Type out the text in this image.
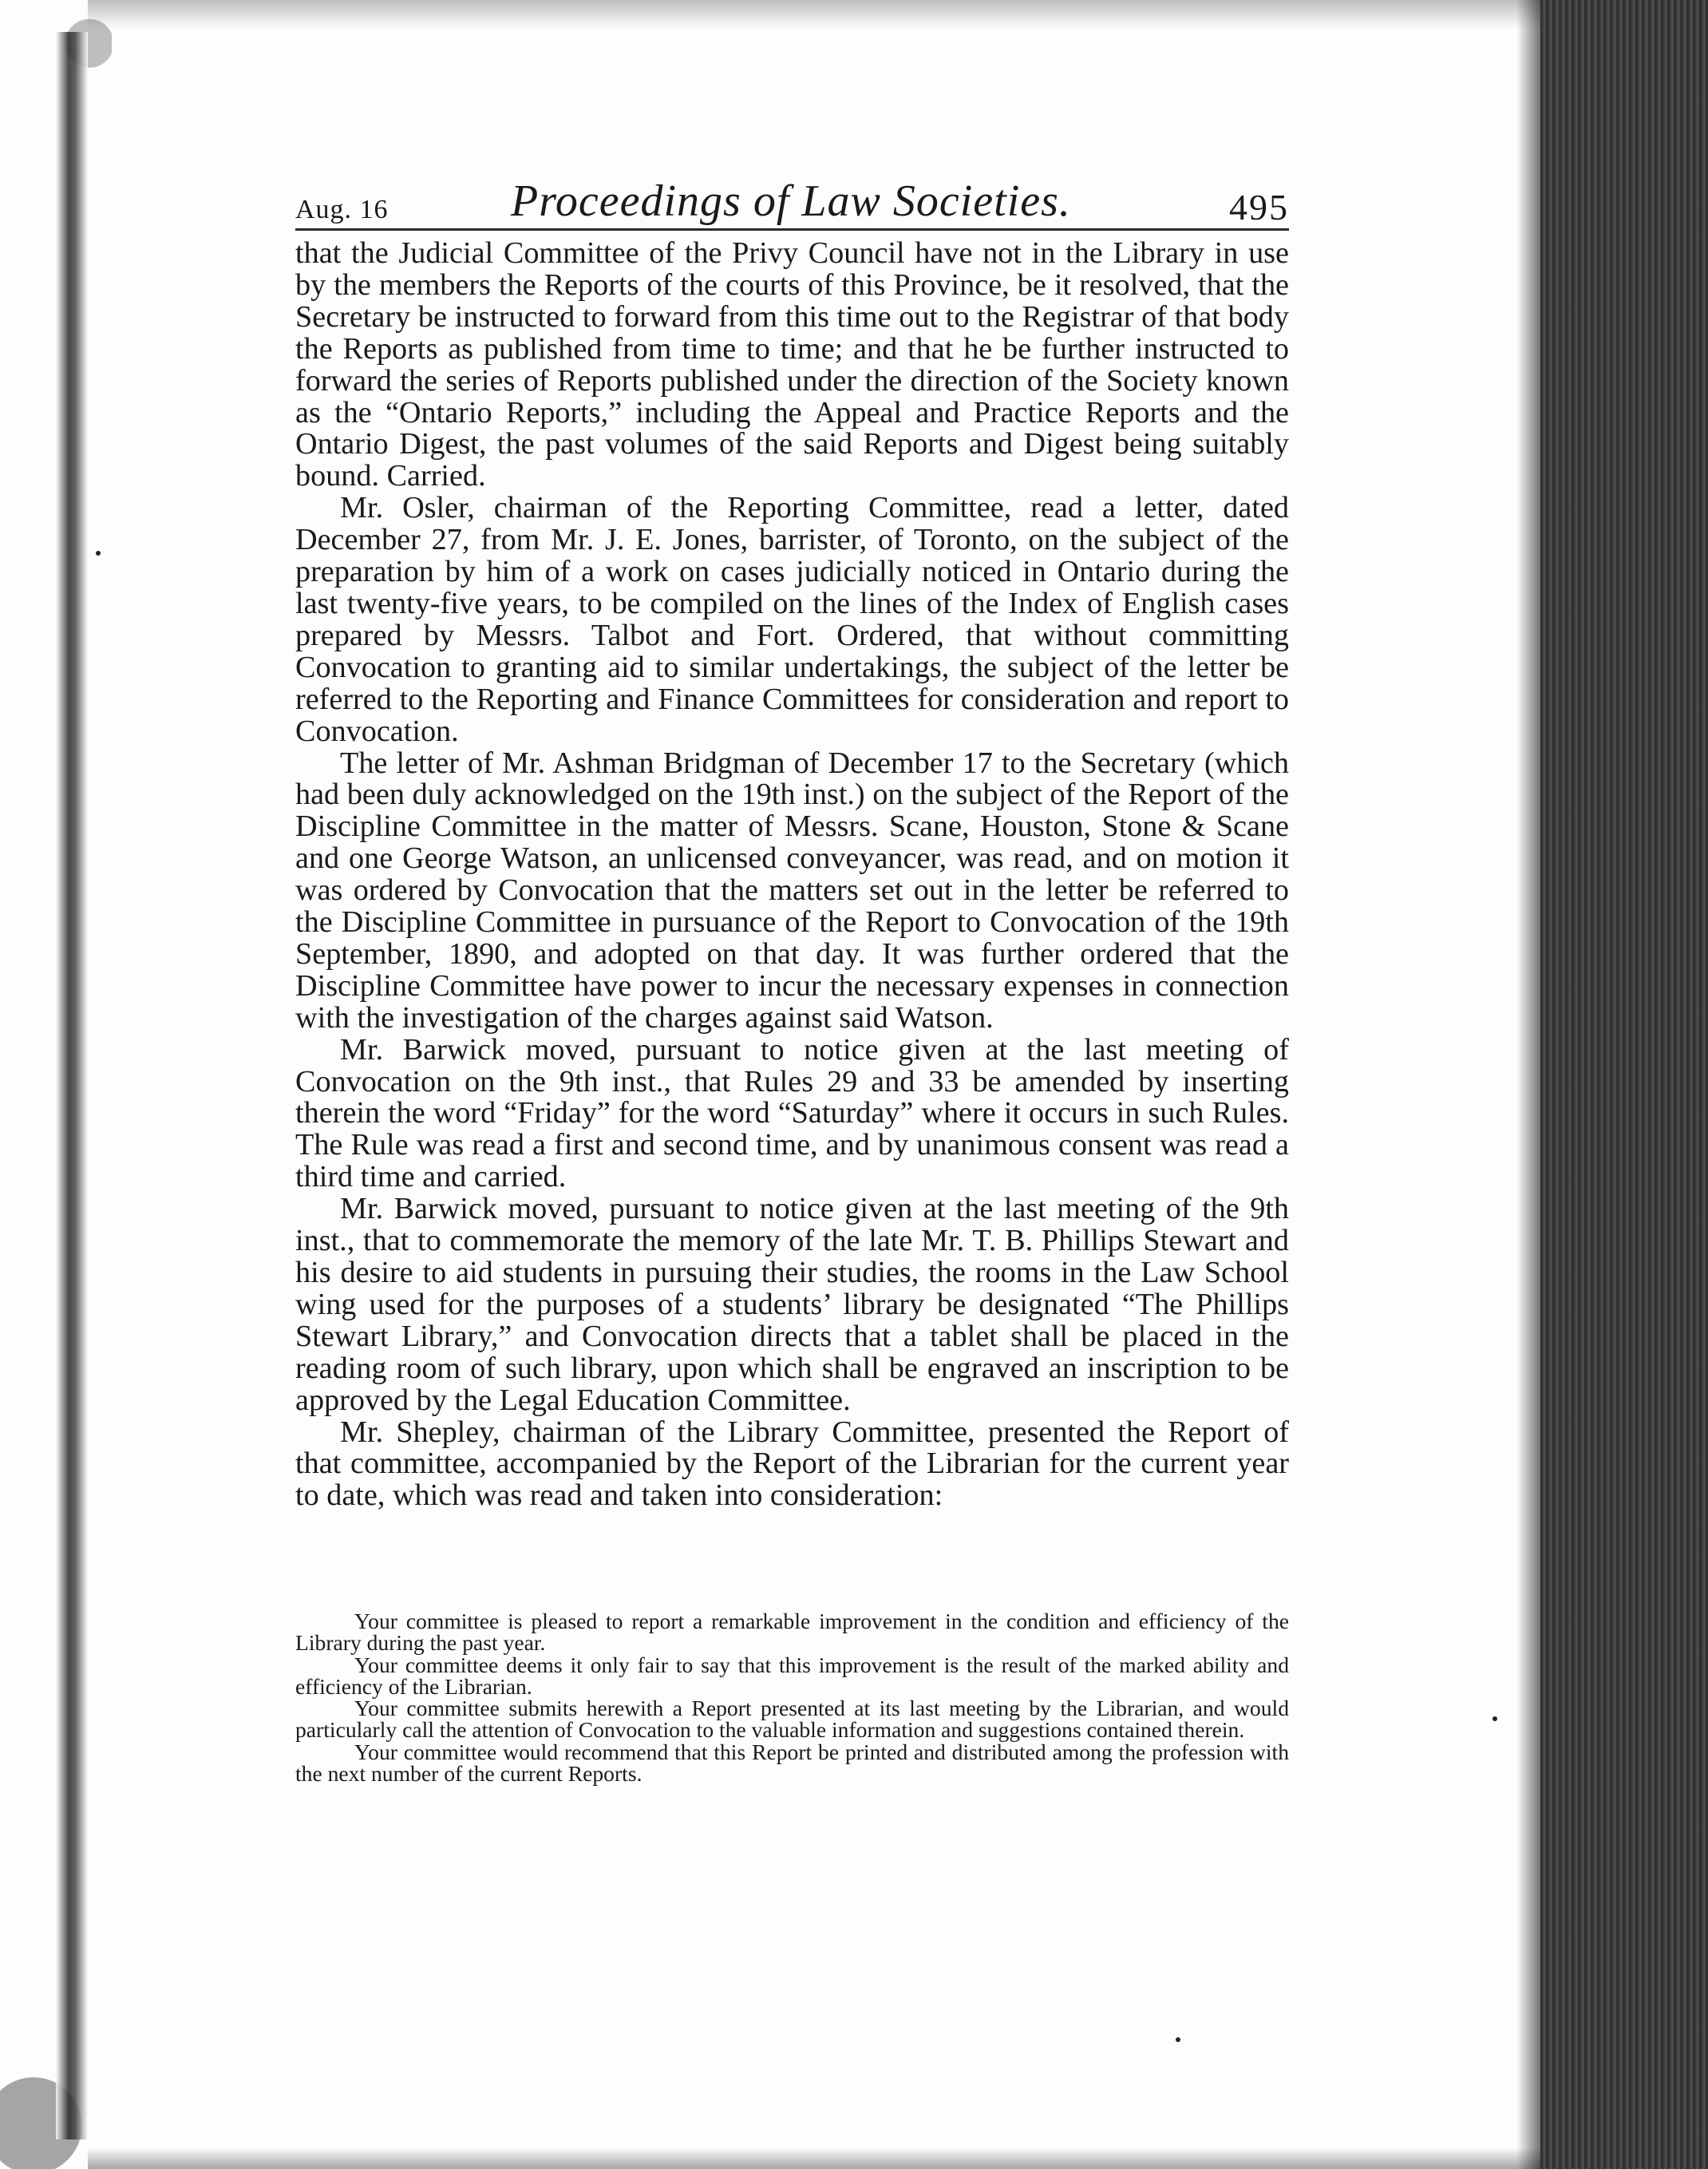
Aug. 16	Proceedings of Law Societies.	495

that the Judicial Committee of the Privy Council have not in the Library in use by the members the Reports of the courts of this Province, be it resolved, that the Secretary be instructed to forward from this time out to the Registrar of that body the Reports as published from time to time; and that he be further instructed to forward the series of Reports published under the direction of the Society known as the “Ontario Reports,” including the Appeal and Practice Reports and the Ontario Digest, the past volumes of the said Reports and Digest being suitably bound. Carried.

Mr. Osler, chairman of the Reporting Committee, read a letter, dated December 27, from Mr. J. E. Jones, barrister, of Toronto, on the subject of the preparation by him of a work on cases judicially noticed in Ontario during the last twenty-five years, to be compiled on the lines of the Index of English cases prepared by Messrs. Talbot and Fort. Ordered, that without committing Convocation to granting aid to similar undertakings, the subject of the letter be referred to the Reporting and Finance Committees for consideration and report to Convocation.

The letter of Mr. Ashman Bridgman of December 17 to the Secretary (which had been duly acknowledged on the 19th inst.) on the subject of the Report of the Discipline Committee in the matter of Messrs. Scane, Houston, Stone & Scane and one George Watson, an unlicensed conveyancer, was read, and on motion it was ordered by Convocation that the matters set out in the letter be referred to the Discipline Committee in pursuance of the Report to Convocation of the 19th September, 1890, and adopted on that day. It was further ordered that the Discipline Committee have power to incur the necessary expenses in connection with the investigation of the charges against said Watson.

Mr. Barwick moved, pursuant to notice given at the last meeting of Convocation on the 9th inst., that Rules 29 and 33 be amended by inserting therein the word “Friday” for the word “Saturday” where it occurs in such Rules. The Rule was read a first and second time, and by unanimous consent was read a third time and carried.

Mr. Barwick moved, pursuant to notice given at the last meeting of the 9th inst., that to commemorate the memory of the late Mr. T. B. Phillips Stewart and his desire to aid students in pursuing their studies, the rooms in the Law School wing used for the purposes of a students’ library be designated “The Phillips Stewart Library,” and Convocation directs that a tablet shall be placed in the reading room of such library, upon which shall be engraved an inscription to be approved by the Legal Education Committee.

Mr. Shepley, chairman of the Library Committee, presented the Report of that committee, accompanied by the Report of the Librarian for the current year to date, which was read and taken into consideration:

Your committee is pleased to report a remarkable improvement in the condition and efficiency of the Library during the past year.

Your committee deems it only fair to say that this improvement is the result of the marked ability and efficiency of the Librarian.

Your committee submits herewith a Report presented at its last meeting by the Librarian, and would particularly call the attention of Convocation to the valuable information and suggestions contained therein.

Your committee would recommend that this Report be printed and distributed among the profession with the next number of the current Reports.
